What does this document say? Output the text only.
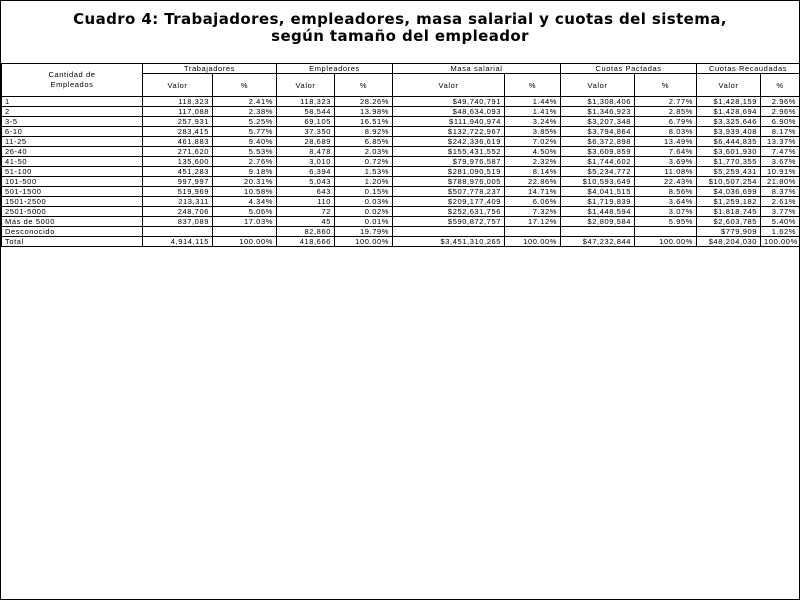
Cuadro 4: Trabajadores, empleadores, masa salarial y cuotas del sistema,
según tamaño del empleador
Cantidad de
Empleados	Trabajadores		Empleadores		Masa salarial		Cuotas Pactadas		Cuotas Recaudadas	
	Valor	%	Valor	%	Valor	%	Valor	%	Valor	%
1	118,323	2.41%	118,323	28.26%	$49,740,791	1.44%	$1,308,406	2.77%	$1,428,159	2.96%
2	117,088	2.38%	58,544	13.98%	$48,634,093	1.41%	$1,346,923	2.85%	$1,428,694	2.96%
3-5	257,931	5.25%	69,105	16.51%	$111,940,974	3.24%	$3,207,348	6.79%	$3,325,646	6.90%
6-10	283,415	5.77%	37,350	8.92%	$132,722,967	3.85%	$3,794,864	8.03%	$3,939,408	8.17%
11-25	461,883	9.40%	28,689	6.85%	$242,336,619	7.02%	$6,372,898	13.49%	$6,444,835	13.37%
26-40	271,620	5.53%	8,478	2.03%	$155,431,552	4.50%	$3,609,859	7.64%	$3,601,930	7.47%
41-50	135,600	2.76%	3,010	0.72%	$79,976,587	2.32%	$1,744,602	3.69%	$1,770,355	3.67%
51-100	451,283	9.18%	6,394	1.53%	$281,090,519	8.14%	$5,234,772	11.08%	$5,259,431	10.91%
101-500	997,997	20.31%	5,043	1.20%	$788,976,005	22.86%	$10,593,649	22.43%	$10,507,254	21.80%
501-1500	519,969	10.58%	643	0.15%	$507,778,237	14.71%	$4,041,515	8.56%	$4,036,699	8.37%
1501-2500	213,311	4.34%	110	0.03%	$209,177,409	6.06%	$1,719,839	3.64%	$1,259,182	2.61%
2501-5000	248,706	5.06%	72	0.02%	$252,631,756	7.32%	$1,448,594	3.07%	$1,818,745	3.77%
Más de 5000	837,089	17.03%	45	0.01%	$590,872,757	17.12%	$2,809,584	5.95%	$2,603,785	5.40%
Desconocido			82,860	19.79%					$779,909	1.62%
Total	4,914,115	100.00%	418,666	100.00%	$3,451,310,265	100.00%	$47,232,844	100.00%	$48,204,030	100.00%
